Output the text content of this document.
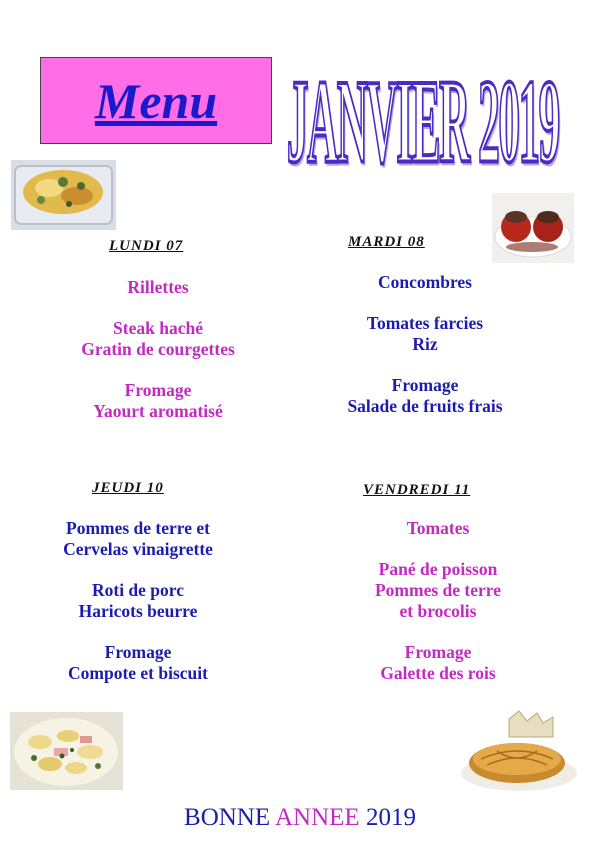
Menu JANVIER 2019
LUNDI 07
Rillettes
Steak haché
Gratin de courgettes
Fromage
Yaourt aromatisé
MARDI 08
Concombres
Tomates farcies
Riz
Fromage
Salade de fruits frais
JEUDI 10
Pommes de terre et
Cervelas vinaigrette
Roti de porc
Haricots beurre
Fromage
Compote et biscuit
VENDREDI 11
Tomates
Pané de poisson
Pommes de terre
et brocolis
Fromage
Galette des rois
BONNE ANNEE 2019
